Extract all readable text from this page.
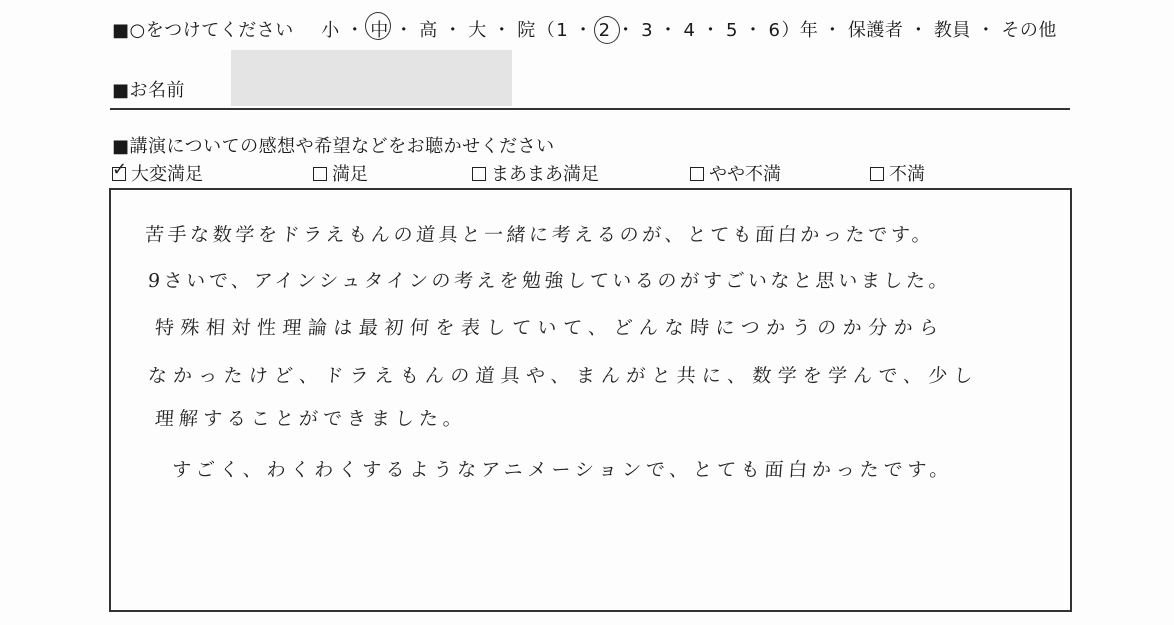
■○をつけてください 小 ・ 中 ・ 高 ・ 大 ・ 院（1 ・ 2 ・ 3 ・ 4 ・ 5 ・ 6）年 ・ 保護者 ・ 教員 ・ その他
■お名前
■講演についての感想や希望などをお聴かせください
✓大変満足	満足	まあまあ満足	やや不満	不満
苦手な数学をドラえもんの道具と一緒に考えるのが、とても面白かったです。
9さいで、アインシュタインの考えを勉強しているのがすごいなと思いました。
特殊相対性理論は最初何を表していて、どんな時につかうのか分から
なかったけど、ドラえもんの道具や、まんがと共に、数学を学んで、少し
理解することができました。
すごく、わくわくするようなアニメーションで、とても面白かったです。
